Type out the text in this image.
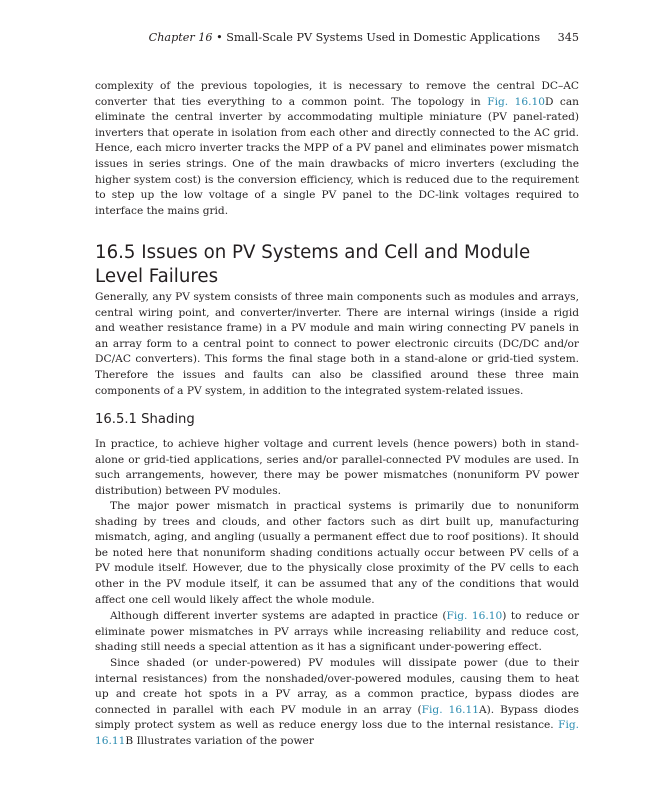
Chapter 16 • Small-Scale PV Systems Used in Domestic Applications 345

complexity of the previous topologies, it is necessary to remove the central DC–AC converter that ties everything to a common point. The topology in Fig. 16.10D can eliminate the central inverter by accommodating multiple miniature (PV panel-rated) inverters that operate in isolation from each other and directly connected to the AC grid. Hence, each micro inverter tracks the MPP of a PV panel and eliminates power mismatch issues in series strings. One of the main drawbacks of micro inverters (excluding the higher system cost) is the conversion efficiency, which is reduced due to the requirement to step up the low voltage of a single PV panel to the DC-link voltages required to interface the mains grid.

16.5 Issues on PV Systems and Cell and Module Level Failures

Generally, any PV system consists of three main components such as modules and arrays, central wiring point, and converter/inverter. There are internal wirings (inside a rigid and weather resistance frame) in a PV module and main wiring connecting PV panels in an array form to a central point to connect to power electronic circuits (DC/DC and/or DC/AC converters). This forms the final stage both in a stand-alone or grid-tied system. Therefore the issues and faults can also be classified around these three main components of a PV system, in addition to the integrated system-related issues.

16.5.1 Shading

In practice, to achieve higher voltage and current levels (hence powers) both in stand-alone or grid-tied applications, series and/or parallel-connected PV modules are used. In such arrangements, however, there may be power mismatches (nonuniform PV power distribution) between PV modules.

The major power mismatch in practical systems is primarily due to nonuniform shading by trees and clouds, and other factors such as dirt built up, manufacturing mismatch, aging, and angling (usually a permanent effect due to roof positions). It should be noted here that nonuniform shading conditions actually occur between PV cells of a PV module itself. However, due to the physically close proximity of the PV cells to each other in the PV module itself, it can be assumed that any of the conditions that would affect one cell would likely affect the whole module.

Although different inverter systems are adapted in practice (Fig. 16.10) to reduce or eliminate power mismatches in PV arrays while increasing reliability and reduce cost, shading still needs a special attention as it has a significant under-powering effect.

Since shaded (or under-powered) PV modules will dissipate power (due to their internal resistances) from the nonshaded/over-powered modules, causing them to heat up and create hot spots in a PV array, as a common practice, bypass diodes are connected in parallel with each PV module in an array (Fig. 16.11A). Bypass diodes simply protect system as well as reduce energy loss due to the internal resistance. Fig. 16.11B Illustrates variation of the power
